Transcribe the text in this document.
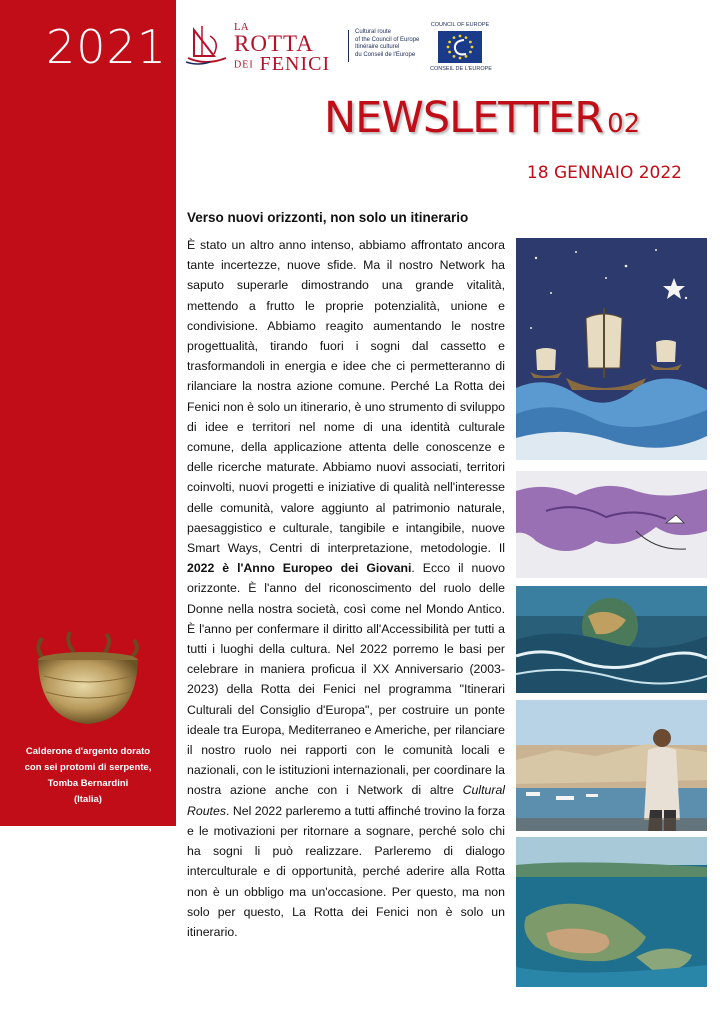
2021
Calderone d'argento dorato
con sei protomi di serpente,
Tomba Bernardini
(Italia)
LA
ROTTA
DEI FENICI
Cultural route
of the Council of Europe
Itinéraire culturel
du Conseil de l'Europe
COUNCIL OF EUROPE
CONSEIL DE L'EUROPE
NEWSLETTER 02
18 GENNAIO 2022
Verso nuovi orizzonti, non solo un itinerario
È stato un altro anno intenso, abbiamo affrontato ancora tante incertezze, nuove sfide. Ma il nostro Network ha saputo superarle dimostrando una grande vitalità, mettendo a frutto le proprie potenzialità, unione e condivisione. Abbiamo reagito aumentando le nostre progettualità, tirando fuori i sogni dal cassetto e trasformandoli in energia e idee che ci permetteranno di rilanciare la nostra azione comune. Perché La Rotta dei Fenici non è solo un itinerario, è uno strumento di sviluppo di idee e territori nel nome di una identità culturale comune, della applicazione attenta delle conoscenze e delle ricerche maturate. Abbiamo nuovi associati, territori coinvolti, nuovi progetti e iniziative di qualità nell'interesse delle comunità, valore aggiunto al patrimonio naturale, paesaggistico e culturale, tangibile e intangibile, nuove Smart Ways, Centri di interpretazione, metodologie. Il 2022 è l'Anno Europeo dei Giovani. Ecco il nuovo orizzonte. È l'anno del riconoscimento del ruolo delle Donne nella nostra società, così come nel Mondo Antico. È l'anno per confermare il diritto all'Accessibilità per tutti a tutti i luoghi della cultura. Nel 2022 porremo le basi per celebrare in maniera proficua il XX Anniversario (2003-2023) della Rotta dei Fenici nel programma "Itinerari Culturali del Consiglio d'Europa", per costruire un ponte ideale tra Europa, Mediterraneo e Americhe, per rilanciare il nostro ruolo nei rapporti con le comunità locali e nazionali, con le istituzioni internazionali, per coordinare la nostra azione anche con i Network di altre Cultural Routes. Nel 2022 parleremo a tutti affinché trovino la forza e le motivazioni per ritornare a sognare, perché solo chi ha sogni li può realizzare. Parleremo di dialogo interculturale e di opportunità, perché aderire alla Rotta non è un obbligo ma un'occasione. Per questo, ma non solo per questo, La Rotta dei Fenici non è solo un itinerario.
